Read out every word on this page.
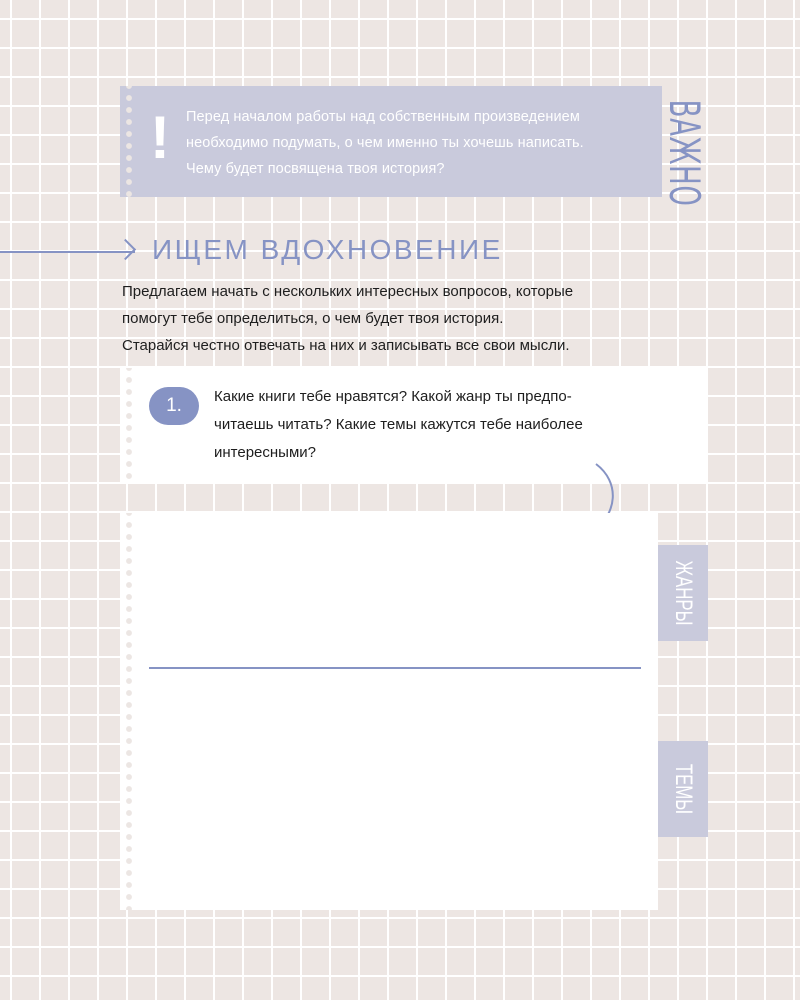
! Перед началом работы над собственным произведением
необходимо подумать, о чем именно ты хочешь написать.
Чему будет посвящена твоя история?	ВАЖНО
ИЩЕМ ВДОХНОВЕНИЕ
Предлагаем начать с нескольких интересных вопросов, которые
помогут тебе определиться, о чем будет твоя история.
Старайся честно отвечать на них и записывать все свои мысли.
1.	Какие книги тебе нравятся? Какой жанр ты предпо-
читаешь читать? Какие темы кажутся тебе наиболее
интересными?
ЖАНРЫ
ТЕМЫ
